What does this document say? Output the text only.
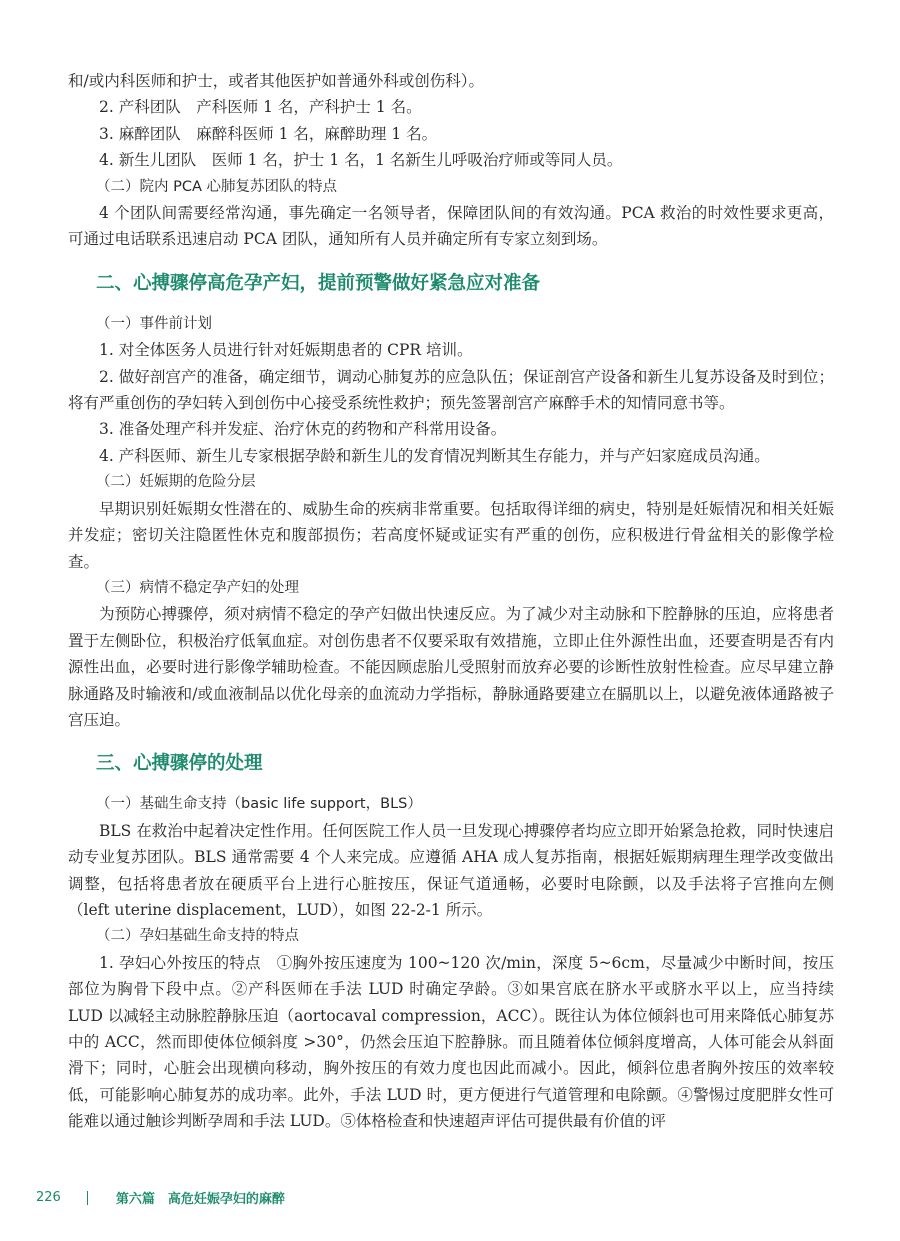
和/或内科医师和护士，或者其他医护如普通外科或创伤科）。

2. 产科团队　产科医师 1 名，产科护士 1 名。

3. 麻醉团队　麻醉科医师 1 名，麻醉助理 1 名。

4. 新生儿团队　医师 1 名，护士 1 名，1 名新生儿呼吸治疗师或等同人员。

（二）院内 PCA 心肺复苏团队的特点

4 个团队间需要经常沟通，事先确定一名领导者，保障团队间的有效沟通。PCA 救治的时效性要求更高，可通过电话联系迅速启动 PCA 团队，通知所有人员并确定所有专家立刻到场。

二、心搏骤停高危孕产妇，提前预警做好紧急应对准备

（一）事件前计划

1. 对全体医务人员进行针对妊娠期患者的 CPR 培训。

2. 做好剖宫产的准备，确定细节，调动心肺复苏的应急队伍；保证剖宫产设备和新生儿复苏设备及时到位；将有严重创伤的孕妇转入到创伤中心接受系统性救护；预先签署剖宫产麻醉手术的知情同意书等。

3. 准备处理产科并发症、治疗休克的药物和产科常用设备。

4. 产科医师、新生儿专家根据孕龄和新生儿的发育情况判断其生存能力，并与产妇家庭成员沟通。

（二）妊娠期的危险分层

早期识别妊娠期女性潜在的、威胁生命的疾病非常重要。包括取得详细的病史，特别是妊娠情况和相关妊娠并发症；密切关注隐匿性休克和腹部损伤；若高度怀疑或证实有严重的创伤，应积极进行骨盆相关的影像学检查。

（三）病情不稳定孕产妇的处理

为预防心搏骤停，须对病情不稳定的孕产妇做出快速反应。为了减少对主动脉和下腔静脉的压迫，应将患者置于左侧卧位，积极治疗低氧血症。对创伤患者不仅要采取有效措施，立即止住外源性出血，还要查明是否有内源性出血，必要时进行影像学辅助检查。不能因顾虑胎儿受照射而放弃必要的诊断性放射性检查。应尽早建立静脉通路及时输液和/或血液制品以优化母亲的血流动力学指标，静脉通路要建立在膈肌以上，以避免液体通路被子宫压迫。

三、心搏骤停的处理

（一）基础生命支持（basic life support，BLS）

BLS 在救治中起着决定性作用。任何医院工作人员一旦发现心搏骤停者均应立即开始紧急抢救，同时快速启动专业复苏团队。BLS 通常需要 4 个人来完成。应遵循 AHA 成人复苏指南，根据妊娠期病理生理学改变做出调整，包括将患者放在硬质平台上进行心脏按压，保证气道通畅，必要时电除颤，以及手法将子宫推向左侧（left uterine displacement，LUD），如图 22-2-1 所示。

（二）孕妇基础生命支持的特点

1. 孕妇心外按压的特点　①胸外按压速度为 100~120 次/min，深度 5~6cm，尽量减少中断时间，按压部位为胸骨下段中点。②产科医师在手法 LUD 时确定孕龄。③如果宫底在脐水平或脐水平以上，应当持续 LUD 以减轻主动脉腔静脉压迫（aortocaval compression，ACC）。既往认为体位倾斜也可用来降低心肺复苏中的 ACC，然而即使体位倾斜度 >30°，仍然会压迫下腔静脉。而且随着体位倾斜度增高，人体可能会从斜面滑下；同时，心脏会出现横向移动，胸外按压的有效力度也因此而减小。因此，倾斜位患者胸外按压的效率较低，可能影响心肺复苏的成功率。此外，手法 LUD 时，更方便进行气道管理和电除颤。④警惕过度肥胖女性可能难以通过触诊判断孕周和手法 LUD。⑤体格检查和快速超声评估可提供最有价值的评

226	第六篇　高危妊娠孕妇的麻醉
